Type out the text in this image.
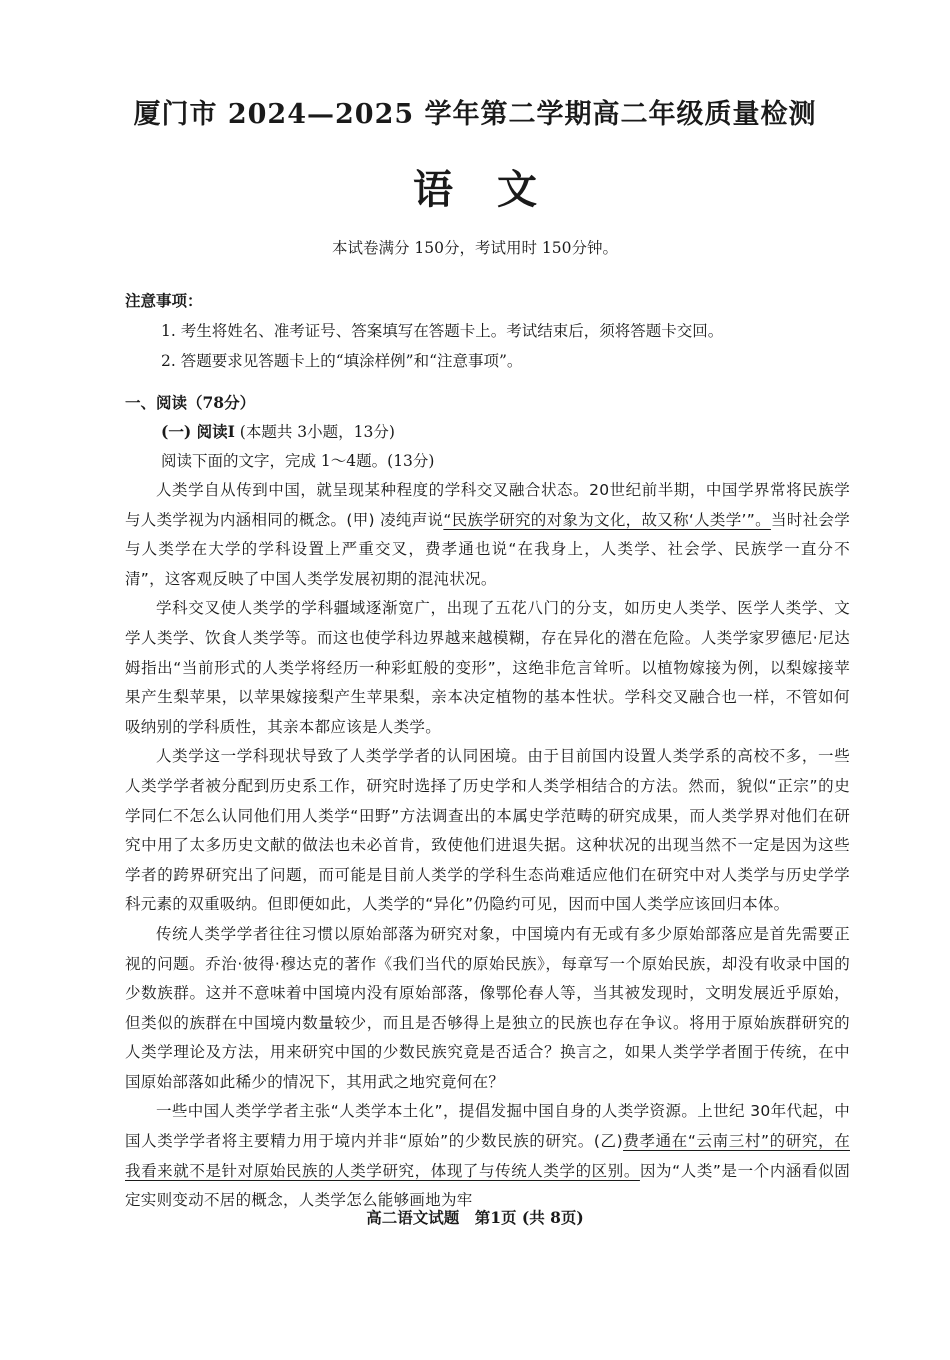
厦门市 2024—2025 学年第二学期高二年级质量检测
语文
本试卷满分 150分，考试用时 150分钟。
注意事项：
1. 考生将姓名、准考证号、答案填写在答题卡上。考试结束后，须将答题卡交回。
2. 答题要求见答题卡上的“填涂样例”和“注意事项”。
一、阅读（78分）
(一) 阅读Ⅰ (本题共 3小题，13分)
阅读下面的文字，完成 1～4题。(13分)

人类学自从传到中国，就呈现某种程度的学科交叉融合状态。20世纪前半期，中国学界常将民族学与人类学视为内涵相同的概念。(甲) 凌纯声说“民族学研究的对象为文化，故又称‘人类学’”。当时社会学与人类学在大学的学科设置上严重交叉，费孝通也说“在我身上，人类学、社会学、民族学一直分不清”，这客观反映了中国人类学发展初期的混沌状况。

学科交叉使人类学的学科疆域逐渐宽广，出现了五花八门的分支，如历史人类学、医学人类学、文学人类学、饮食人类学等。而这也使学科边界越来越模糊，存在异化的潜在危险。人类学家罗德尼·尼达姆指出“当前形式的人类学将经历一种彩虹般的变形”，这绝非危言耸听。以植物嫁接为例，以梨嫁接苹果产生梨苹果，以苹果嫁接梨产生苹果梨，亲本决定植物的基本性状。学科交叉融合也一样，不管如何吸纳别的学科质性，其亲本都应该是人类学。

人类学这一学科现状导致了人类学学者的认同困境。由于目前国内设置人类学系的高校不多，一些人类学学者被分配到历史系工作，研究时选择了历史学和人类学相结合的方法。然而，貌似“正宗”的史学同仁不怎么认同他们用人类学“田野”方法调查出的本属史学范畴的研究成果，而人类学界对他们在研究中用了太多历史文献的做法也未必首肯，致使他们进退失据。这种状况的出现当然不一定是因为这些学者的跨界研究出了问题，而可能是目前人类学的学科生态尚难适应他们在研究中对人类学与历史学学科元素的双重吸纳。但即便如此，人类学的“异化”仍隐约可见，因而中国人类学应该回归本体。

传统人类学学者往往习惯以原始部落为研究对象，中国境内有无或有多少原始部落应是首先需要正视的问题。乔治·彼得·穆达克的著作《我们当代的原始民族》，每章写一个原始民族，却没有收录中国的少数族群。这并不意味着中国境内没有原始部落，像鄂伦春人等，当其被发现时，文明发展近乎原始，但类似的族群在中国境内数量较少，而且是否够得上是独立的民族也存在争议。将用于原始族群研究的人类学理论及方法，用来研究中国的少数民族究竟是否适合？换言之，如果人类学学者囿于传统，在中国原始部落如此稀少的情况下，其用武之地究竟何在？

一些中国人类学学者主张“人类学本土化”，提倡发掘中国自身的人类学资源。上世纪 30年代起，中国人类学学者将主要精力用于境内并非“原始”的少数民族的研究。(乙)费孝通在“云南三村”的研究，在我看来就不是针对原始民族的人类学研究，体现了与传统人类学的区别。因为“人类”是一个内涵看似固定实则变动不居的概念，人类学怎么能够画地为牢

高二语文试题　第1页 (共 8页)
